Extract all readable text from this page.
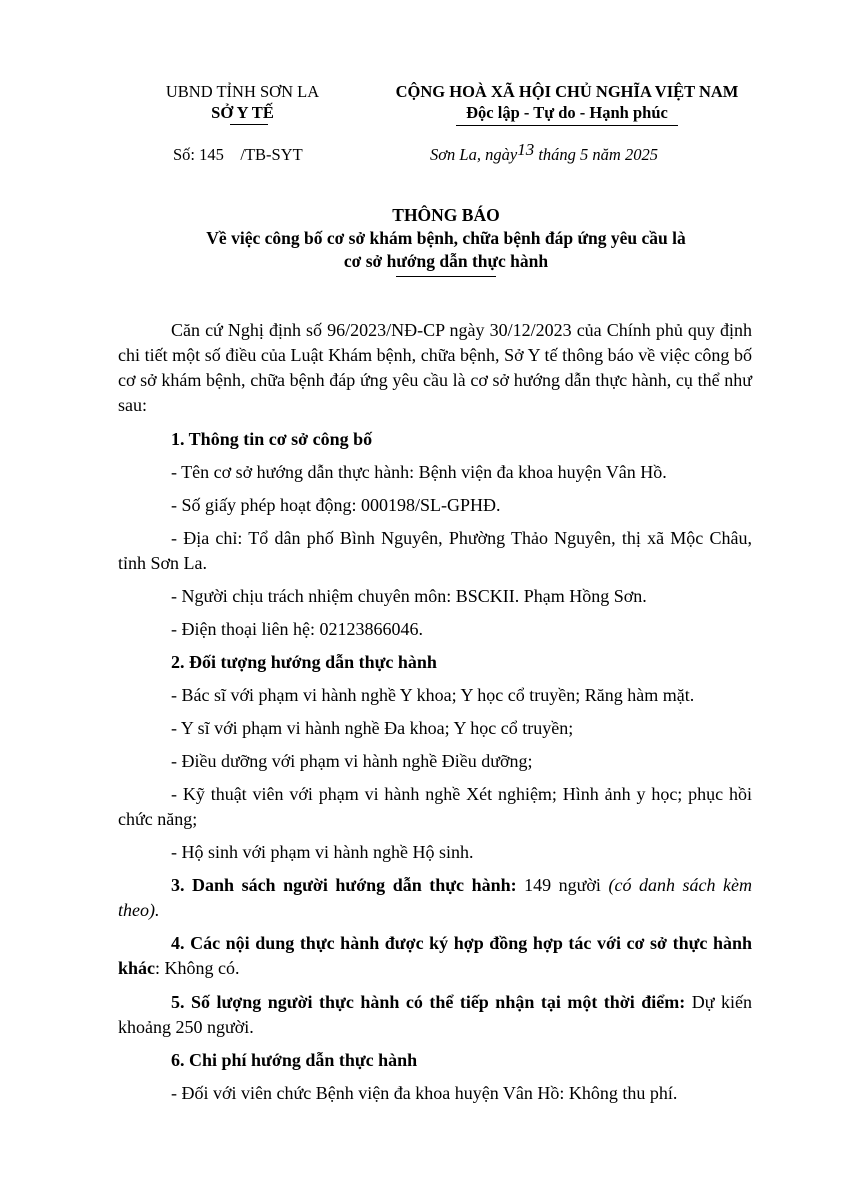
UBND TỈNH SƠN LA
SỞ Y TẾ
CỘNG HOÀ XÃ HỘI CHỦ NGHĨA VIỆT NAM
Độc lập - Tự do - Hạnh phúc
Số: 145    /TB-SYT	Sơn La, ngày13 tháng 5 năm 2025
THÔNG BÁO
Về việc công bố cơ sở khám bệnh, chữa bệnh đáp ứng yêu cầu là
cơ sở hướng dẫn thực hành

Căn cứ Nghị định số 96/2023/NĐ-CP ngày 30/12/2023 của Chính phủ quy định chi tiết một số điều của Luật Khám bệnh, chữa bệnh, Sở Y tế thông báo về việc công bố cơ sở khám bệnh, chữa bệnh đáp ứng yêu cầu là cơ sở hướng dẫn thực hành, cụ thể như sau:

1. Thông tin cơ sở công bố

- Tên cơ sở hướng dẫn thực hành: Bệnh viện đa khoa huyện Vân Hồ.

- Số giấy phép hoạt động: 000198/SL-GPHĐ.

- Địa chỉ: Tổ dân phố Bình Nguyên, Phường Thảo Nguyên, thị xã Mộc Châu, tỉnh Sơn La.

- Người chịu trách nhiệm chuyên môn: BSCKII. Phạm Hồng Sơn.

- Điện thoại liên hệ: 02123866046.

2. Đối tượng hướng dẫn thực hành

- Bác sĩ với phạm vi hành nghề Y khoa; Y học cổ truyền; Răng hàm mặt.

- Y sĩ với phạm vi hành nghề Đa khoa; Y học cổ truyền;

- Điều dưỡng với phạm vi hành nghề Điều dưỡng;

- Kỹ thuật viên với phạm vi hành nghề Xét nghiệm; Hình ảnh y học; phục hồi chức năng;

- Hộ sinh với phạm vi hành nghề Hộ sinh.

3. Danh sách người hướng dẫn thực hành: 149 người (có danh sách kèm theo).

4. Các nội dung thực hành được ký hợp đồng hợp tác với cơ sở thực hành khác: Không có.

5. Số lượng người thực hành có thể tiếp nhận tại một thời điểm: Dự kiến khoảng 250 người.

6. Chi phí hướng dẫn thực hành

- Đối với viên chức Bệnh viện đa khoa huyện Vân Hồ: Không thu phí.
